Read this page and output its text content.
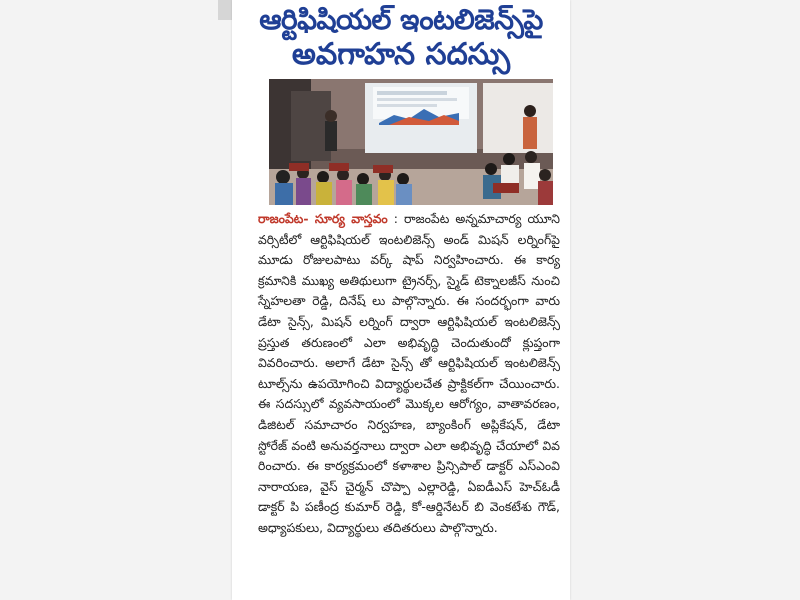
ఆర్టిఫిషియల్ ఇంటలిజెన్స్‌పై
అవగాహన సదస్సు
రాజంపేట- సూర్య వాస్తవం : రాజంపేట అన్నమాచార్య యూని వర్సిటీలో ఆర్టిఫిషియల్ ఇంటలిజెన్స్ అండ్ మిషన్ లర్నింగ్‌పై మూడు రోజులపాటు వర్క్ షాప్ నిర్వహించారు. ఈ కార్య క్రమానికి ముఖ్య అతిథులుగా ట్రైనర్స్, స్మైడ్ టెక్నాలజీస్ నుంచి స్నేహలతా రెడ్డి, దినేష్ లు పాల్గొన్నారు. ఈ సందర్భంగా వారు డేటా సైన్స్, మిషన్ లర్నింగ్ ద్వారా ఆర్టిఫిషియల్ ఇంటలిజెన్స్ ప్రస్తుత తరుణంలో ఎలా అభివృద్ధి చెందుతుందో క్లుప్తంగా వివరించారు. అలాగే డేటా సైన్స్ తో ఆర్టిఫిషియల్ ఇంటలిజెన్స్ టూల్స్‌ను ఉపయోగించి విద్యార్థులచేత ప్రాక్టికల్‌గా చేయించారు. ఈ సదస్సులో వ్యవసాయంలో మొక్కల ఆరోగ్యం, వాతావరణం, డిజిటల్ సమాచారం నిర్వహణ, బ్యాంకింగ్ అప్లికేషన్, డేటా స్టోరేజ్ వంటి అనువర్తనాలు ద్వారా ఎలా అభివృద్ధి చేయాలో వివ రించారు. ఈ కార్యక్రమంలో కళాశాల ప్రిన్సిపాల్ డాక్టర్ ఎస్ఎంవి నారాయణ, వైస్ చైర్మన్ చొప్పా ఎల్లారెడ్డి, ఏఐడీఎస్ హెచ్‌ఓడీ డాక్టర్ పి పణీంద్ర కుమార్ రెడ్డి, కో-ఆర్డినేటర్ బి వెంకటేశు గౌడ్, అధ్యాపకులు, విద్యార్థులు తదితరులు పాల్గొన్నారు.
